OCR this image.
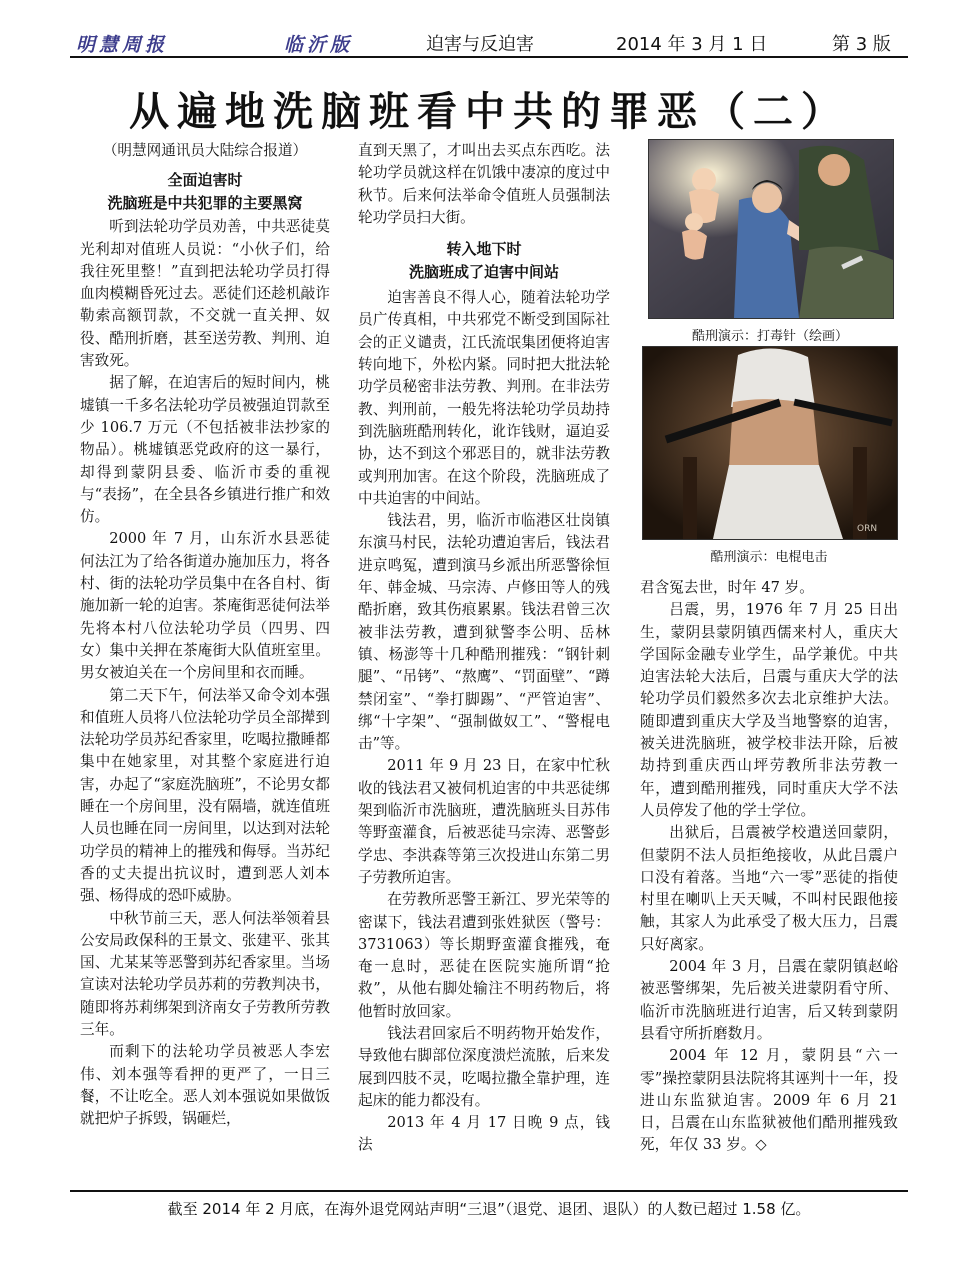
明慧周报	临沂版	迫害与反迫害	2014 年 3 月 1 日	第 3 版
从遍地洗脑班看中共的罪恶（二）

（明慧网通讯员大陆综合报道）

全面迫害时

洗脑班是中共犯罪的主要黑窝

听到法轮功学员劝善，中共恶徒莫光利却对值班人员说：“小伙子们，给我往死里整！”直到把法轮功学员打得血肉模糊昏死过去。恶徒们还趁机敲诈勒索高额罚款，不交就一直关押、奴役、酷刑折磨，甚至送劳教、判刑、迫害致死。

据了解，在迫害后的短时间内，桃墟镇一千多名法轮功学员被强迫罚款至少 106.7 万元（不包括被非法抄家的物品）。桃墟镇恶党政府的这一暴行，却得到蒙阴县委、临沂市委的重视与“表扬”，在全县各乡镇进行推广和效仿。

2000 年 7 月，山东沂水县恶徒何法江为了给各街道办施加压力，将各村、街的法轮功学员集中在各自村、街施加新一轮的迫害。茶庵街恶徒何法举先将本村八位法轮功学员（四男、四女）集中关押在茶庵街大队值班室里。男女被迫关在一个房间里和衣而睡。

第二天下午，何法举又命令刘本强和值班人员将八位法轮功学员全部撵到法轮功学员苏纪香家里，吃喝拉撒睡都集中在她家里，对其整个家庭进行迫害，办起了“家庭洗脑班”，不论男女都睡在一个房间里，没有隔墙，就连值班人员也睡在同一房间里，以达到对法轮功学员的精神上的摧残和侮辱。当苏纪香的丈夫提出抗议时，遭到恶人刘本强、杨得成的恐吓威胁。

中秋节前三天，恶人何法举领着县公安局政保科的王景文、张建平、张其国、尤某某等恶警到苏纪香家里。当场宣读对法轮功学员苏莉的劳教判决书，随即将苏莉绑架到济南女子劳教所劳教三年。

而剩下的法轮功学员被恶人李宏伟、刘本强等看押的更严了，一日三餐，不让吃全。恶人刘本强说如果做饭就把炉子拆毁，锅砸烂，

直到天黑了，才叫出去买点东西吃。法轮功学员就这样在饥饿中凄凉的度过中秋节。后来何法举命令值班人员强制法轮功学员扫大街。

转入地下时

洗脑班成了迫害中间站

迫害善良不得人心，随着法轮功学员广传真相，中共邪党不断受到国际社会的正义谴责，江氏流氓集团便将迫害转向地下，外松内紧。同时把大批法轮功学员秘密非法劳教、判刑。在非法劳教、判刑前，一般先将法轮功学员劫持到洗脑班酷刑转化，讹诈钱财，逼迫妥协，达不到这个邪恶目的，就非法劳教或判刑加害。在这个阶段，洗脑班成了中共迫害的中间站。

钱法君，男，临沂市临港区壮岗镇东演马村民，法轮功遭迫害后，钱法君进京鸣冤，遭到演马乡派出所恶警徐恒年、韩金城、马宗涛、卢修田等人的残酷折磨，致其伤痕累累。钱法君曾三次被非法劳教，遭到狱警李公明、岳林镇、杨澎等十几种酷刑摧残：“钢针刺腿”、“吊铐”、“熬鹰”、“罚面壁”、“蹲禁闭室”、“拳打脚踢”、“严管迫害”、绑“十字架”、“强制做奴工”、“警棍电击”等。

2011 年 9 月 23 日，在家中忙秋收的钱法君又被伺机迫害的中共恶徒绑架到临沂市洗脑班，遭洗脑班头目苏伟等野蛮灌食，后被恶徒马宗涛、恶警彭学忠、李洪森等第三次投进山东第二男子劳教所迫害。

在劳教所恶警王新江、罗光荣等的密谋下，钱法君遭到张姓狱医（警号：3731063）等长期野蛮灌食摧残，奄奄一息时，恶徒在医院实施所谓“抢救”，从他右脚处输注不明药物后，将他暂时放回家。

钱法君回家后不明药物开始发作，导致他右脚部位深度溃烂流脓，后来发展到四肢不灵，吃喝拉撒全靠护理，连起床的能力都没有。

2013 年 4 月 17 日晚 9 点，钱法

酷刑演示：打毒针（绘画）
ORN
酷刑演示：电棍电击

君含冤去世，时年 47 岁。

吕震，男，1976 年 7 月 25 日出生，蒙阴县蒙阴镇西儒来村人，重庆大学国际金融专业学生，品学兼优。中共迫害法轮大法后，吕震与重庆大学的法轮功学员们毅然多次去北京维护大法。随即遭到重庆大学及当地警察的迫害，被关进洗脑班，被学校非法开除，后被劫持到重庆西山坪劳教所非法劳教一年，遭到酷刑摧残，同时重庆大学不法人员停发了他的学士学位。

出狱后，吕震被学校遣送回蒙阴，但蒙阴不法人员拒绝接收，从此吕震户口没有着落。当地“六一零”恶徒的指使村里在喇叭上天天喊，不叫村民跟他接触，其家人为此承受了极大压力，吕震只好离家。

2004 年 3 月，吕震在蒙阴镇赵峪被恶警绑架，先后被关进蒙阴看守所、临沂市洗脑班进行迫害，后又转到蒙阴县看守所折磨数月。

2004 年 12 月，蒙阴县“六一零”操控蒙阴县法院将其诬判十一年，投进山东监狱迫害。2009 年 6 月 21 日，吕震在山东监狱被他们酷刑摧残致死，年仅 33 岁。◇

截至 2014 年 2 月底，在海外退党网站声明“三退”（退党、退团、退队）的人数已超过 1.58 亿。
